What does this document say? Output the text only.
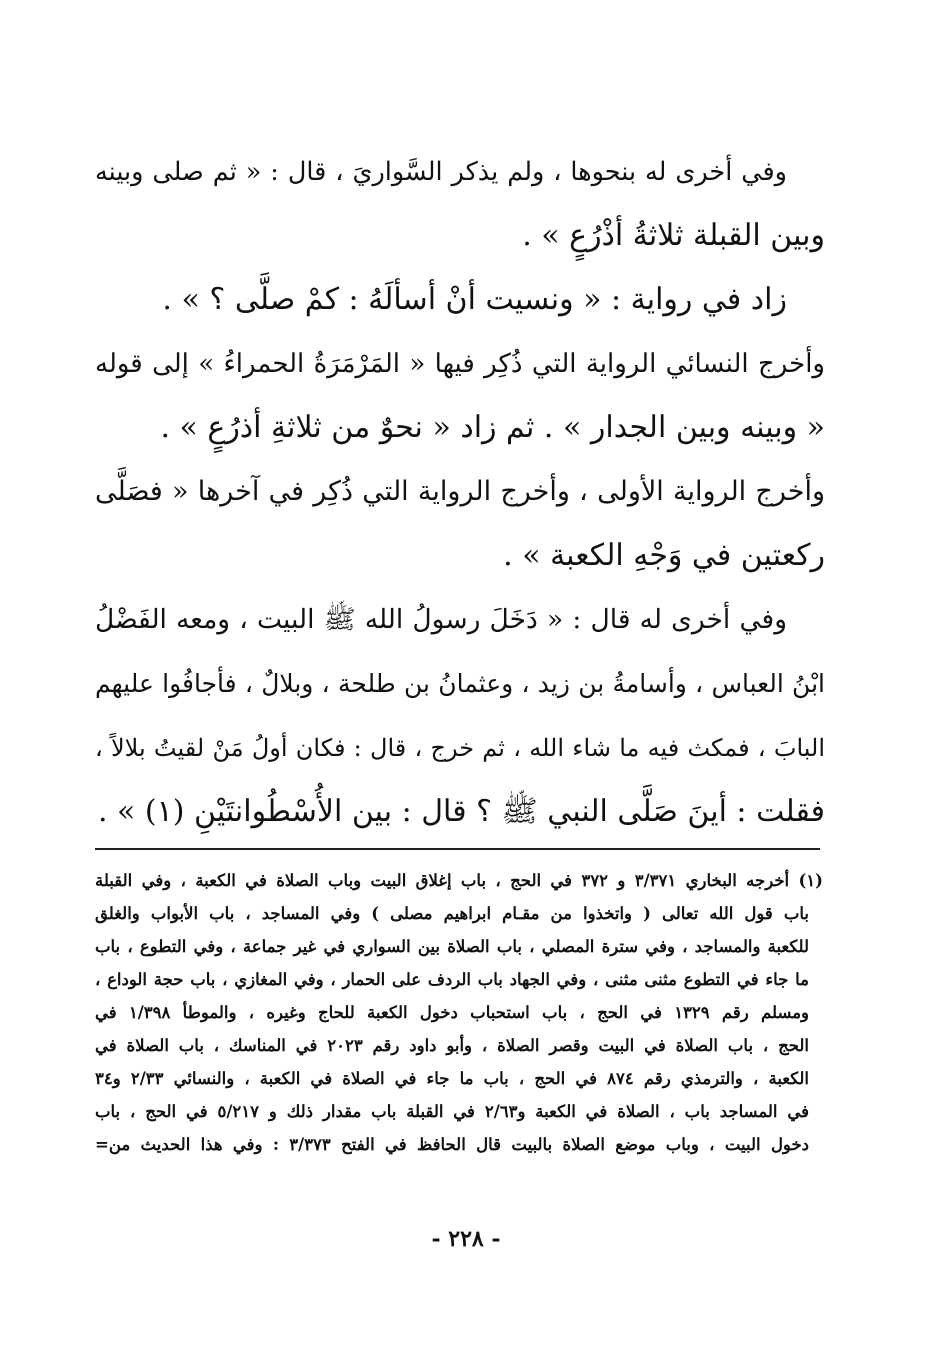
وفي أخرى له بنحوها ، ولم يذكر السَّواريَ ، قال : « ثم صلى وبينه
وبين القبلة ثلاثةُ أذْرُعٍ » .
زاد في رواية : « ونسيت أنْ أسألَهُ : كمْ صلَّى ؟ » .
وأخرج النسائي الرواية التي ذُكِر فيها « المَرْمَرَةُ الحمراءُ » إلى قوله
« وبينه وبين الجدار » . ثم زاد « نحوٌ من ثلاثةِ أذرُعٍ » .
وأخرج الرواية الأولى ، وأخرج الرواية التي ذُكِر في آخرها « فصَلَّى
ركعتين في وَجْهِ الكعبة » .
وفي أخرى له قال : « دَخَلَ رسولُ الله ﷺ البيت ، ومعه الفَضْلُ
ابْنُ العباس ، وأسامةُ بن زيد ، وعثمانُ بن طلحة ، وبلالٌ ، فأجافُوا عليهم
البابَ ، فمكث فيه ما شاء الله ، ثم خرج ، قال : فكان أولُ مَنْ لقيتُ بلالاً ،
فقلت : أينَ صَلَّى النبي ﷺ ؟ قال : بين الأُسْطُوانتَيْنِ (١) » .
(١) أخرجه البخاري ٣/٣٧١ و ٣٧٢ في الحج ، باب إغلاق البيت وباب الصلاة في الكعبة ، وفي القبلة
باب قول الله تعالى ( واتخذوا من مقـام ابراهيم مصلى ) وفي المساجد ، باب الأبواب والغلق
للكعبة والمساجد ، وفي سترة المصلي ، باب الصلاة بين السواري في غير جماعة ، وفي التطوع ، باب
ما جاء في التطوع مثنى مثنى ، وفي الجهاد باب الردف على الحمار ، وفي المغازي ، باب حجة الوداع ،
ومسلم رقم ١٣٢٩ في الحج ، باب استحباب دخول الكعبة للحاج وغيره ، والموطأ ١/٣٩٨ في
الحج ، باب الصلاة في البيت وقصر الصلاة ، وأبو داود رقم ٢٠٢٣ في المناسك ، باب الصلاة في
الكعبة ، والترمذي رقم ٨٧٤ في الحج ، باب ما جاء في الصلاة في الكعبة ، والنسائي ٢/٣٣ و٣٤
في المساجد باب ، الصلاة في الكعبة و٢/٦٣ في القبلة باب مقدار ذلك و ٥/٢١٧ في الحج ، باب
دخول البيت ، وباب موضع الصلاة بالبيت قال الحافظ في الفتح ٣/٣٧٣ : وفي هذا الحديث من=
- ٢٢٨ -
